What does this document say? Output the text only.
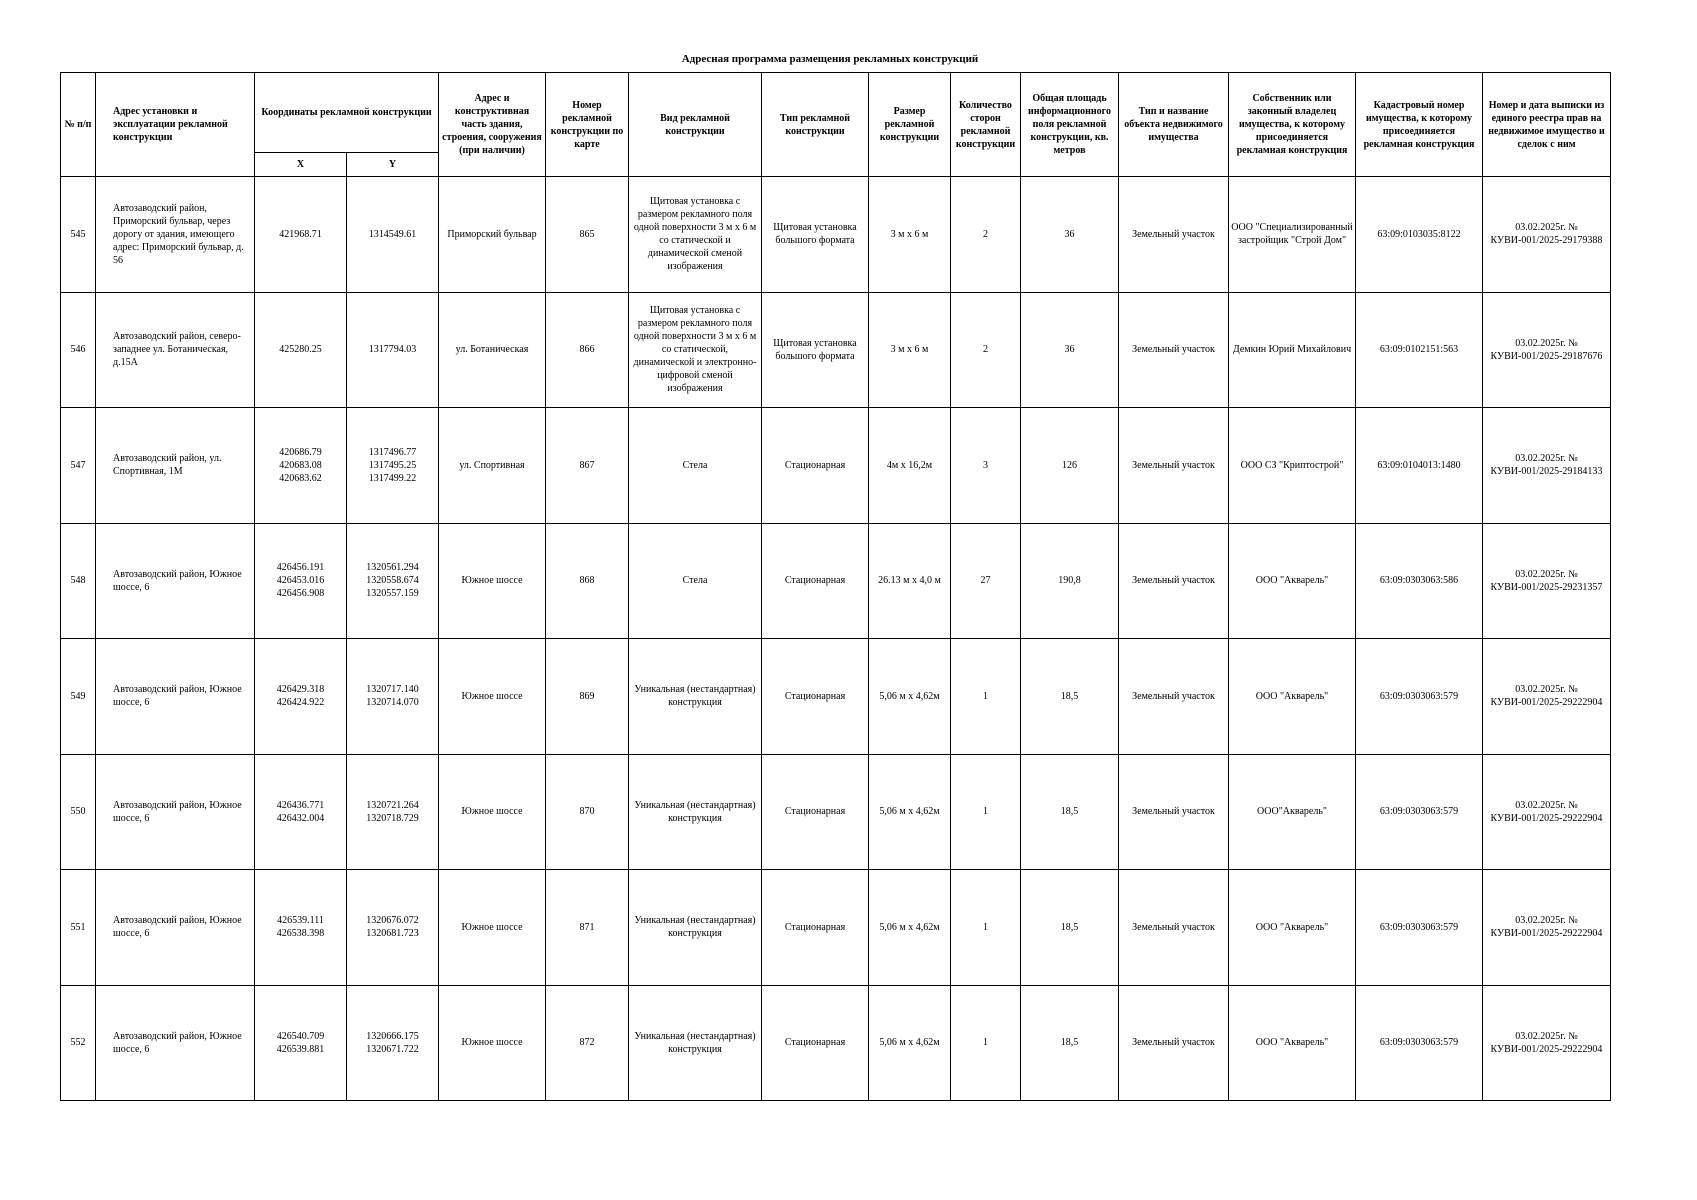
Адресная программа размещения рекламных конструкций
№ п/п	Адрес установки и эксплуатации рекламной конструкции	Координаты рекламной конструкции		Адрес и конструктивная часть здания, строения, сооружения (при наличии)	Номер рекламной конструкции по карте	Вид рекламной конструкции	Тип рекламной конструкции	Размер рекламной конструкции	Количество сторон рекламной конструкции	Общая площадь информационного поля рекламной конструкции, кв. метров	Тип и название объекта недвижимого имущества	Собственник или законный владелец имущества, к которому присоединяется рекламная конструкция	Кадастровый номер имущества, к которому присоединяется рекламная конструкция	Номер и дата выписки из единого реестра прав на недвижимое имущество и сделок с ним
		X	Y											
545	Автозаводский район, Приморский бульвар, через дорогу от здания, имеющего адрес: Приморский бульвар, д. 56	421968.71	1314549.61	Приморский бульвар	865	Щитовая установка с размером рекламного поля одной поверхности 3 м х 6 м со статической и динамической сменой изображения	Щитовая установка большого формата	3 м х 6 м	2	36	Земельный участок	ООО "Специализированный застройщик "Строй Дом"	63:09:0103035:8122	03.02.2025г. № КУВИ-001/2025-29179388
546	Автозаводский район, северо-западнее ул. Ботаническая, д.15А	425280.25	1317794.03	ул. Ботаническая	866	Щитовая установка с размером рекламного поля одной поверхности 3 м х 6 м со статической, динамической и электронно-цифровой сменой изображения	Щитовая установка большого формата	3 м х 6 м	2	36	Земельный участок	Демкин Юрий Михайлович	63:09:0102151:563	03.02.2025г. № КУВИ-001/2025-29187676
547	Автозаводский район, ул. Спортивная, 1М	420686.79
420683.08
420683.62	1317496.77
1317495.25
1317499.22	ул. Спортивная	867	Стела	Стационарная	4м х 16,2м	3	126	Земельный участок	ООО СЗ "Криптострой"	63:09:0104013:1480	03.02.2025г. № КУВИ-001/2025-29184133
548	Автозаводский район, Южное шоссе, 6	426456.191
426453.016
426456.908	1320561.294
1320558.674
1320557.159	Южное шоссе	868	Стела	Стационарная	26.13 м х 4,0 м	27	190,8	Земельный участок	ООО "Акварель"	63:09:0303063:586	03.02.2025г. № КУВИ-001/2025-29231357
549	Автозаводский район, Южное шоссе, 6	426429.318
426424.922	1320717.140
1320714.070	Южное шоссе	869	Уникальная (нестандартная) конструкция	Стационарная	5,06 м х 4,62м	1	18,5	Земельный участок	ООО "Акварель"	63:09:0303063:579	03.02.2025г. № КУВИ-001/2025-29222904
550	Автозаводский район, Южное шоссе, 6	426436.771
426432.004	1320721.264
1320718.729	Южное шоссе	870	Уникальная (нестандартная) конструкция	Стационарная	5,06 м х 4,62м	1	18,5	Земельный участок	ООО"Акварель"	63:09:0303063:579	03.02.2025г. № КУВИ-001/2025-29222904
551	Автозаводский район, Южное шоссе, 6	426539.111
426538.398	1320676.072
1320681.723	Южное шоссе	871	Уникальная (нестандартная) конструкция	Стационарная	5,06 м х 4,62м	1	18,5	Земельный участок	ООО "Акварель"	63:09:0303063:579	03.02.2025г. № КУВИ-001/2025-29222904
552	Автозаводский район, Южное шоссе, 6	426540.709
426539.881	1320666.175
1320671.722	Южное шоссе	872	Уникальная (нестандартная) конструкция	Стационарная	5,06 м х 4,62м	1	18,5	Земельный участок	ООО "Акварель"	63:09:0303063:579	03.02.2025г. № КУВИ-001/2025-29222904
